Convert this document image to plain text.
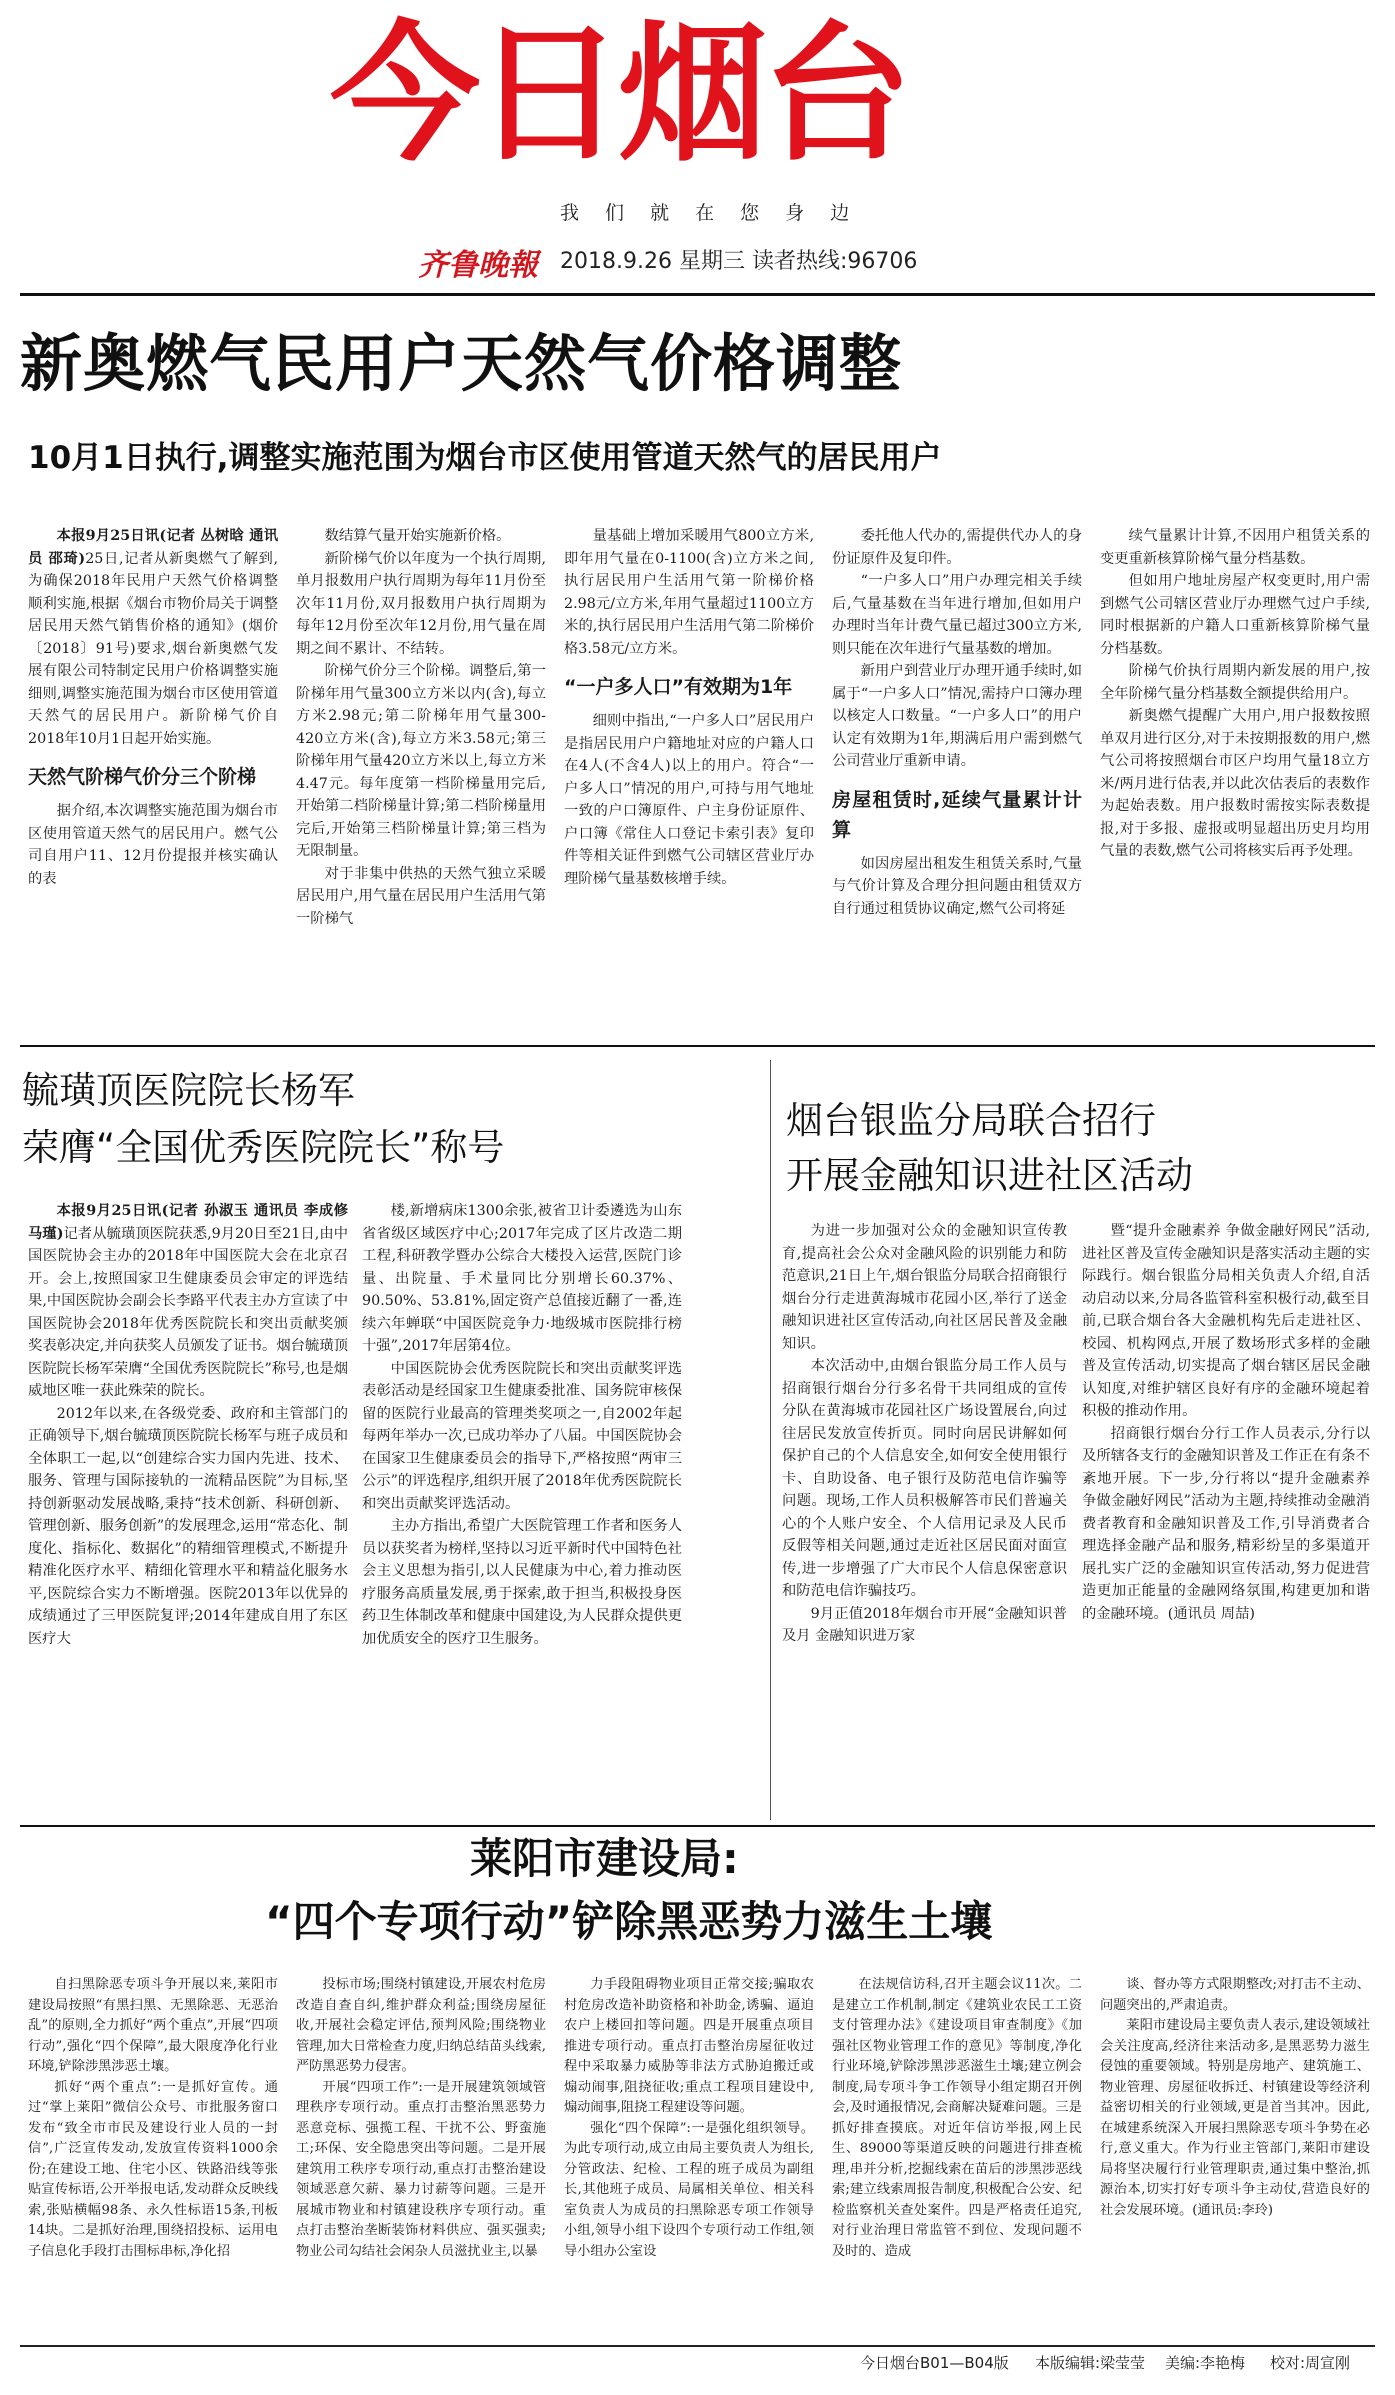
今日烟台
我 们 就 在 您 身 边
齐鲁晚報 2018.9.26 星期三 读者热线:96706
新奥燃气民用户天然气价格调整
10月1日执行,调整实施范围为烟台市区使用管道天然气的居民用户

本报9月25日讯(记者 丛树晗 通讯员 邵琦)25日,记者从新奥燃气了解到,为确保2018年民用户天然气价格调整顺利实施,根据《烟台市物价局关于调整居民用天然气销售价格的通知》(烟价〔2018〕91号)要求,烟台新奥燃气发展有限公司特制定民用户价格调整实施细则,调整实施范围为烟台市区使用管道天然气的居民用户。新阶梯气价自2018年10月1日起开始实施。

天然气阶梯气价分三个阶梯

据介绍,本次调整实施范围为烟台市区使用管道天然气的居民用户。燃气公司自用户11、12月份提报并核实确认的表

数结算气量开始实施新价格。

新阶梯气价以年度为一个执行周期,单月报数用户执行周期为每年11月份至次年11月份,双月报数用户执行周期为每年12月份至次年12月份,用气量在周期之间不累计、不结转。

阶梯气价分三个阶梯。调整后,第一阶梯年用气量300立方米以内(含),每立方米2.98元;第二阶梯年用气量300-420立方米(含),每立方米3.58元;第三阶梯年用气量420立方米以上,每立方米4.47元。每年度第一档阶梯量用完后,开始第二档阶梯量计算;第二档阶梯量用完后,开始第三档阶梯量计算;第三档为无限制量。

对于非集中供热的天然气独立采暖居民用户,用气量在居民用户生活用气第一阶梯气

量基础上增加采暖用气800立方米,即年用气量在0-1100(含)立方米之间,执行居民用户生活用气第一阶梯价格2.98元/立方米,年用气量超过1100立方米的,执行居民用户生活用气第二阶梯价格3.58元/立方米。

“一户多人口”有效期为1年

细则中指出,“一户多人口”居民用户是指居民用户户籍地址对应的户籍人口在4人(不含4人)以上的用户。符合“一户多人口”情况的用户,可持与用气地址一致的户口簿原件、户主身份证原件、户口簿《常住人口登记卡索引表》复印件等相关证件到燃气公司辖区营业厅办理阶梯气量基数核增手续。

委托他人代办的,需提供代办人的身份证原件及复印件。

“一户多人口”用户办理完相关手续后,气量基数在当年进行增加,但如用户办理时当年计费气量已超过300立方米,则只能在次年进行气量基数的增加。

新用户到营业厅办理开通手续时,如属于“一户多人口”情况,需持户口簿办理以核定人口数量。“一户多人口”的用户认定有效期为1年,期满后用户需到燃气公司营业厅重新申请。

房屋租赁时,延续气量累计计算

如因房屋出租发生租赁关系时,气量与气价计算及合理分担问题由租赁双方自行通过租赁协议确定,燃气公司将延

续气量累计计算,不因用户租赁关系的变更重新核算阶梯气量分档基数。

但如用户地址房屋产权变更时,用户需到燃气公司辖区营业厅办理燃气过户手续,同时根据新的户籍人口重新核算阶梯气量分档基数。

阶梯气价执行周期内新发展的用户,按全年阶梯气量分档基数全额提供给用户。

新奥燃气提醒广大用户,用户报数按照单双月进行区分,对于未按期报数的用户,燃气公司将按照烟台市区户均用气量18立方米/两月进行估表,并以此次估表后的表数作为起始表数。用户报数时需按实际表数提报,对于多报、虚报或明显超出历史月均用气量的表数,燃气公司将核实后再予处理。

毓璜顶医院院长杨军
荣膺“全国优秀医院院长”称号

本报9月25日讯(记者 孙淑玉 通讯员 李成修 马瑾)记者从毓璜顶医院获悉,9月20日至21日,由中国医院协会主办的2018年中国医院大会在北京召开。会上,按照国家卫生健康委员会审定的评选结果,中国医院协会副会长李路平代表主办方宣读了中国医院协会2018年优秀医院院长和突出贡献奖颁奖表彰决定,并向获奖人员颁发了证书。烟台毓璜顶医院院长杨军荣膺“全国优秀医院院长”称号,也是烟威地区唯一获此殊荣的院长。

2012年以来,在各级党委、政府和主管部门的正确领导下,烟台毓璜顶医院院长杨军与班子成员和全体职工一起,以“创建综合实力国内先进、技术、服务、管理与国际接轨的一流精品医院”为目标,坚持创新驱动发展战略,秉持“技术创新、科研创新、管理创新、服务创新”的发展理念,运用“常态化、制度化、指标化、数据化”的精细管理模式,不断提升精准化医疗水平、精细化管理水平和精益化服务水平,医院综合实力不断增强。医院2013年以优异的成绩通过了三甲医院复评;2014年建成自用了东区医疗大

楼,新增病床1300余张,被省卫计委遴选为山东省省级区域医疗中心;2017年完成了区片改造二期工程,科研教学暨办公综合大楼投入运营,医院门诊量、出院量、手术量同比分别增长60.37%、90.50%、53.81%,固定资产总值接近翻了一番,连续六年蝉联“中国医院竞争力·地级城市医院排行榜十强”,2017年居第4位。

中国医院协会优秀医院院长和突出贡献奖评选表彰活动是经国家卫生健康委批准、国务院审核保留的医院行业最高的管理类奖项之一,自2002年起每两年举办一次,已成功举办了八届。中国医院协会在国家卫生健康委员会的指导下,严格按照“两审三公示”的评选程序,组织开展了2018年优秀医院院长和突出贡献奖评选活动。

主办方指出,希望广大医院管理工作者和医务人员以获奖者为榜样,坚持以习近平新时代中国特色社会主义思想为指引,以人民健康为中心,着力推动医疗服务高质量发展,勇于探索,敢于担当,积极投身医药卫生体制改革和健康中国建设,为人民群众提供更加优质安全的医疗卫生服务。

烟台银监分局联合招行
开展金融知识进社区活动

为进一步加强对公众的金融知识宣传教育,提高社会公众对金融风险的识别能力和防范意识,21日上午,烟台银监分局联合招商银行烟台分行走进黄海城市花园小区,举行了送金融知识进社区宣传活动,向社区居民普及金融知识。

本次活动中,由烟台银监分局工作人员与招商银行烟台分行多名骨干共同组成的宣传分队在黄海城市花园社区广场设置展台,向过往居民发放宣传折页。同时向居民讲解如何保护自己的个人信息安全,如何安全使用银行卡、自助设备、电子银行及防范电信诈骗等问题。现场,工作人员积极解答市民们普遍关心的个人账户安全、个人信用记录及人民币反假等相关问题,通过走近社区居民面对面宣传,进一步增强了广大市民个人信息保密意识和防范电信诈骗技巧。

9月正值2018年烟台市开展“金融知识普及月 金融知识进万家

暨“提升金融素养 争做金融好网民”活动,进社区普及宣传金融知识是落实活动主题的实际践行。烟台银监分局相关负责人介绍,自活动启动以来,分局各监管科室积极行动,截至目前,已联合烟台各大金融机构先后走进社区、校园、机构网点,开展了数场形式多样的金融普及宣传活动,切实提高了烟台辖区居民金融认知度,对维护辖区良好有序的金融环境起着积极的推动作用。

招商银行烟台分行工作人员表示,分行以及所辖各支行的金融知识普及工作正在有条不紊地开展。下一步,分行将以“提升金融素养 争做金融好网民”活动为主题,持续推动金融消费者教育和金融知识普及工作,引导消费者合理选择金融产品和服务,精彩纷呈的多渠道开展扎实广泛的金融知识宣传活动,努力促进营造更加正能量的金融网络氛围,构建更加和谐的金融环境。(通讯员 周喆)

莱阳市建设局:
“四个专项行动”铲除黑恶势力滋生土壤

自扫黑除恶专项斗争开展以来,莱阳市建设局按照“有黑扫黑、无黑除恶、无恶治乱”的原则,全力抓好“两个重点”,开展“四项行动”,强化“四个保障”,最大限度净化行业环境,铲除涉黑涉恶土壤。

抓好“两个重点”:一是抓好宣传。通过“掌上莱阳”微信公众号、市批服务窗口发布“致全市市民及建设行业人员的一封信”,广泛宣传发动,发放宣传资料1000余份;在建设工地、住宅小区、铁路沿线等张贴宣传标语,公开举报电话,发动群众反映线索,张贴横幅98条、永久性标语15条,刊板14块。二是抓好治理,围绕招投标、运用电子信息化手段打击围标串标,净化招

投标市场;围绕村镇建设,开展农村危房改造自查自纠,维护群众利益;围绕房屋征收,开展社会稳定评估,预判风险;围绕物业管理,加大日常检查力度,归纳总结苗头线索,严防黑恶势力侵害。

开展“四项工作”:一是开展建筑领域管理秩序专项行动。重点打击整治黑恶势力恶意竞标、强揽工程、干扰不公、野蛮施工;环保、安全隐患突出等问题。二是开展建筑用工秩序专项行动,重点打击整治建设领域恶意欠薪、暴力讨薪等问题。三是开展城市物业和村镇建设秩序专项行动。重点打击整治垄断装饰材料供应、强买强卖;物业公司勾结社会闲杂人员滋扰业主,以暴

力手段阻碍物业项目正常交接;骗取农村危房改造补助资格和补助金,诱骗、逼迫农户上楼回扣等问题。四是开展重点项目推进专项行动。重点打击整治房屋征收过程中采取暴力威胁等非法方式胁迫搬迁或煽动闹事,阻挠征收;重点工程项目建设中,煽动闹事,阻挠工程建设等问题。

强化“四个保障”:一是强化组织领导。为此专项行动,成立由局主要负责人为组长,分管政法、纪检、工程的班子成员为副组长,其他班子成员、局属相关单位、相关科室负责人为成员的扫黑除恶专项工作领导小组,领导小组下设四个专项行动工作组,领导小组办公室设

在法规信访科,召开主题会议11次。二是建立工作机制,制定《建筑业农民工工资支付管理办法》《建设项目审查制度》《加强社区物业管理工作的意见》等制度,净化行业环境,铲除涉黑涉恶滋生土壤;建立例会制度,局专项斗争工作领导小组定期召开例会,及时通报情况,会商解决疑难问题。三是抓好排查摸底。对近年信访举报,网上民生、89000等渠道反映的问题进行排查梳理,串并分析,挖掘线索在苗后的涉黑涉恶线索;建立线索周报告制度,积极配合公安、纪检监察机关查处案件。四是严格责任追究,对行业治理日常监管不到位、发现问题不及时的、造成

谈、督办等方式限期整改;对打击不主动、问题突出的,严肃追责。

莱阳市建设局主要负责人表示,建设领域社会关注度高,经济往来活动多,是黑恶势力滋生侵蚀的重要领域。特别是房地产、建筑施工、物业管理、房屋征收拆迁、村镇建设等经济利益密切相关的行业领域,更是首当其冲。因此,在城建系统深入开展扫黑除恶专项斗争势在必行,意义重大。作为行业主管部门,莱阳市建设局将坚决履行行业管理职责,通过集中整治,抓源治本,切实打好专项斗争主动仗,营造良好的社会发展环境。(通讯员:李玲)

今日烟台B01—B04版 本版编辑:梁莹莹 美编:李艳梅 校对:周宣刚
